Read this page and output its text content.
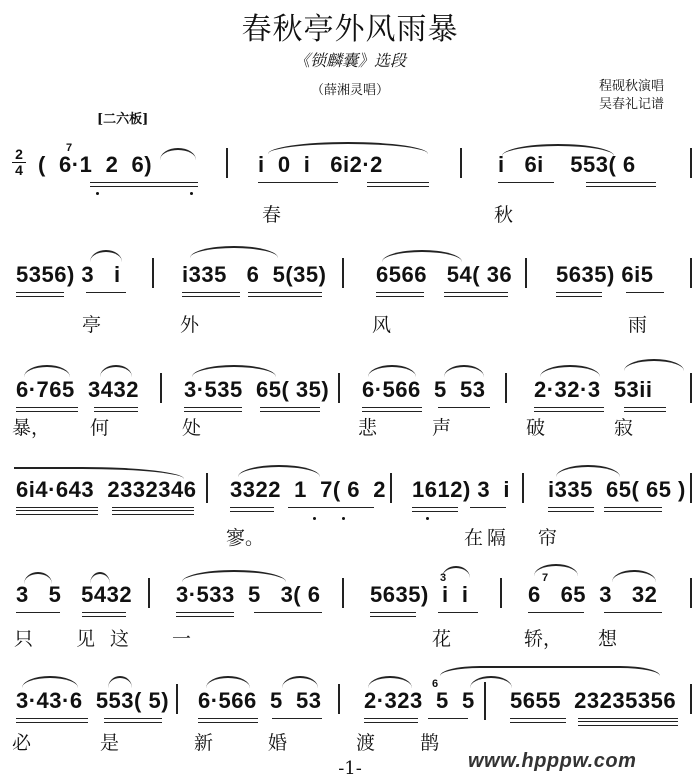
春秋亭外风雨暴
《锁麟囊》选段
（薛湘灵唱）	程砚秋演唱
吴春礼记谱
[二六板]
2
4 (  6·1  2  6)
7
i  0  i   6i2·2
春
i   6i    553( 6
秋
5356) 3   i
亭
i335   6  5(35)
外
6566   54( 36
风
5635) 6i5
雨
6·765  3432
暴， 何
3·535  65( 35)
处
6·566  5  53
悲	声
2·32·3  53ii
破	寂
6i4·643  2332346 3322  1  7( 6  2
寥。
1612) 3  i
在隔
i335  65( 65 )
帘
3   5   5432
只 见 这
3·533  5   3( 6
一
5635)  i  i
3
花
6   65  3   32
7
轿， 想
3·43·6  553( 5)
必	是
6·566  5  53
新	婚
2·323  5  5
6
渡 鹊
5655  23235356
-1-	www.hpppw.com
